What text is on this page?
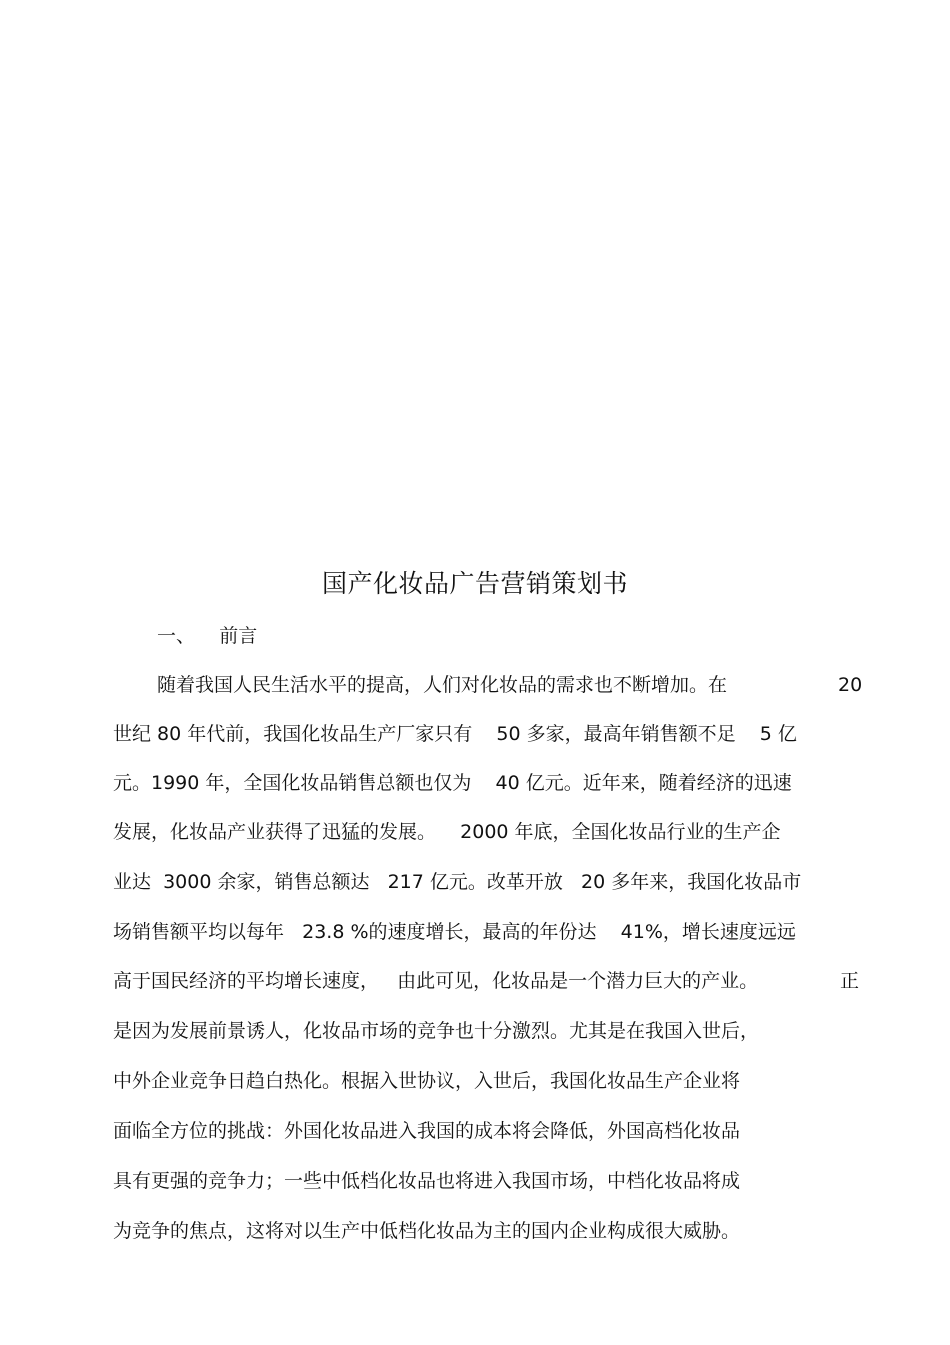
国产化妆品广告营销策划书
一、 前言
随着我国人民生活水平的提高，人们对化妆品的需求也不断增加。在	20
世纪 80 年代前，我国化妆品生产厂家只有    50 多家，最高年销售额不足    5 亿
元。1990 年，全国化妆品销售总额也仅为    40 亿元。近年来，随着经济的迅速
发展，化妆品产业获得了迅猛的发展。    2000 年底，全国化妆品行业的生产企
业达  3000 余家，销售总额达   217 亿元。改革开放   20 多年来，我国化妆品市
场销售额平均以每年   23.8 %的速度增长，最高的年份达    41%，增长速度远远
高于国民经济的平均增长速度，   由此可见，化妆品是一个潜力巨大的产业。	正
是因为发展前景诱人，化妆品市场的竞争也十分激烈。尤其是在我国入世后，
中外企业竞争日趋白热化。根据入世协议，入世后，我国化妆品生产企业将
面临全方位的挑战：外国化妆品进入我国的成本将会降低，外国高档化妆品
具有更强的竞争力；一些中低档化妆品也将进入我国市场，中档化妆品将成
为竞争的焦点，这将对以生产中低档化妆品为主的国内企业构成很大威胁。
